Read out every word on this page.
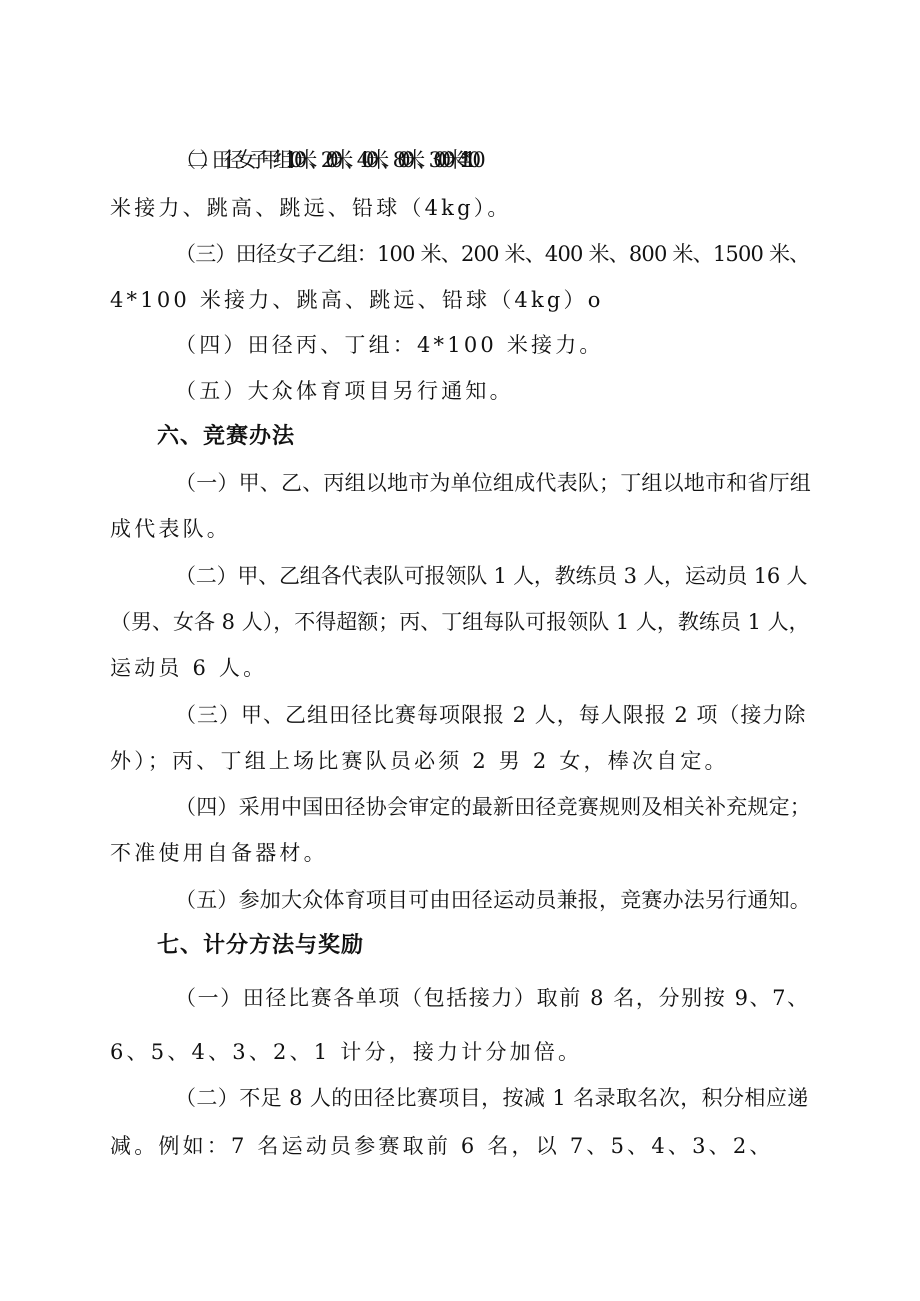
（二）田径女子甲组100 米、200 米、400 米、800 米、3000 米4*100
米接力、跳高、跳远、铅球（4kg）。
（三）田径女子乙组：100 米、200 米、400 米、800 米、1500 米、
4*100 米接力、跳高、跳远、铅球（4kg）o
（四）田径丙、丁组：4*100 米接力。
（五）大众体育项目另行通知。
六、竞赛办法
（一）甲、乙、丙组以地市为单位组成代表队；丁组以地市和省厅组
成代表队。
（二）甲、乙组各代表队可报领队 1 人，教练员 3 人，运动员 16 人
（男、女各 8 人），不得超额；丙、丁组每队可报领队 1 人，教练员 1 人，
运动员 6 人。
（三）甲、乙组田径比赛每项限报 2 人，每人限报 2 项（接力除
外）；丙、丁组上场比赛队员必须 2 男 2 女，棒次自定。
（四）采用中国田径协会审定的最新田径竞赛规则及相关补充规定；
不准使用自备器材。
（五）参加大众体育项目可由田径运动员兼报，竞赛办法另行通知。
七、计分方法与奖励
（一）田径比赛各单项（包括接力）取前 8 名，分别按 9、7、
6、5、4、3、2、1 计分，接力计分加倍。
（二）不足 8 人的田径比赛项目，按减 1 名录取名次，积分相应递
减。例如：7 名运动员参赛取前 6 名，以 7、5、4、3、2、
